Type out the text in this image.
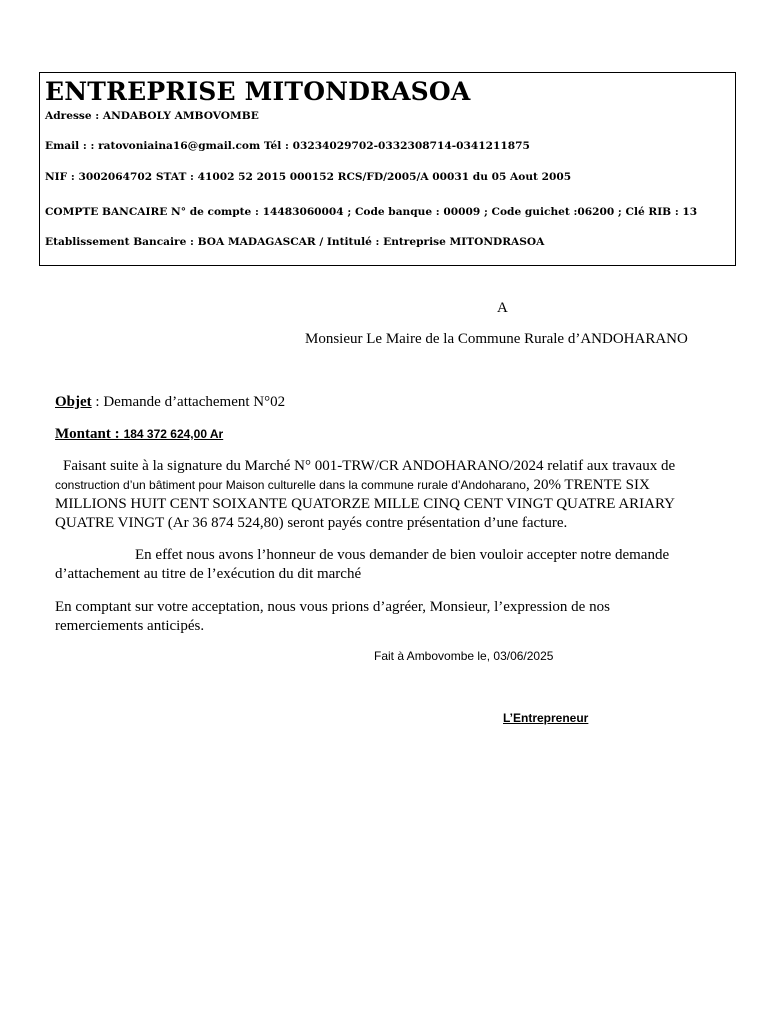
ENTREPRISE MITONDRASOA
Adresse : ANDABOLY AMBOVOMBE
Email : : ratovoniaina16@gmail.com Tél : 03234029702-0332308714-0341211875
NIF : 3002064702 STAT : 41002 52 2015 000152 RCS/FD/2005/A 00031 du 05 Aout 2005
COMPTE BANCAIRE N° de compte : 14483060004 ; Code banque : 00009 ; Code guichet :06200 ; Clé RIB : 13
Etablissement Bancaire : BOA MADAGASCAR / Intitulé : Entreprise MITONDRASOA
A
Monsieur Le Maire de la Commune Rurale d’ANDOHARANO
Objet : Demande d’attachement N°02
Montant : 184 372 624,00 Ar
Faisant suite à la signature du Marché N° 001-TRW/CR ANDOHARANO/2024 relatif aux travaux de
construction d’un bâtiment pour Maison culturelle dans la commune rurale d’Andoharano, 20% TRENTE SIX
MILLIONS HUIT CENT SOIXANTE QUATORZE MILLE CINQ CENT VINGT QUATRE ARIARY
QUATRE VINGT (Ar 36 874 524,80) seront payés contre présentation d’une facture.
En effet nous avons l’honneur de vous demander de bien vouloir accepter notre demande
d’attachement au titre de l’exécution du dit marché
En comptant sur votre acceptation, nous vous prions d’agréer, Monsieur, l’expression de nos
remerciements anticipés.
Fait à Ambovombe le, 03/06/2025
L’Entrepreneur
